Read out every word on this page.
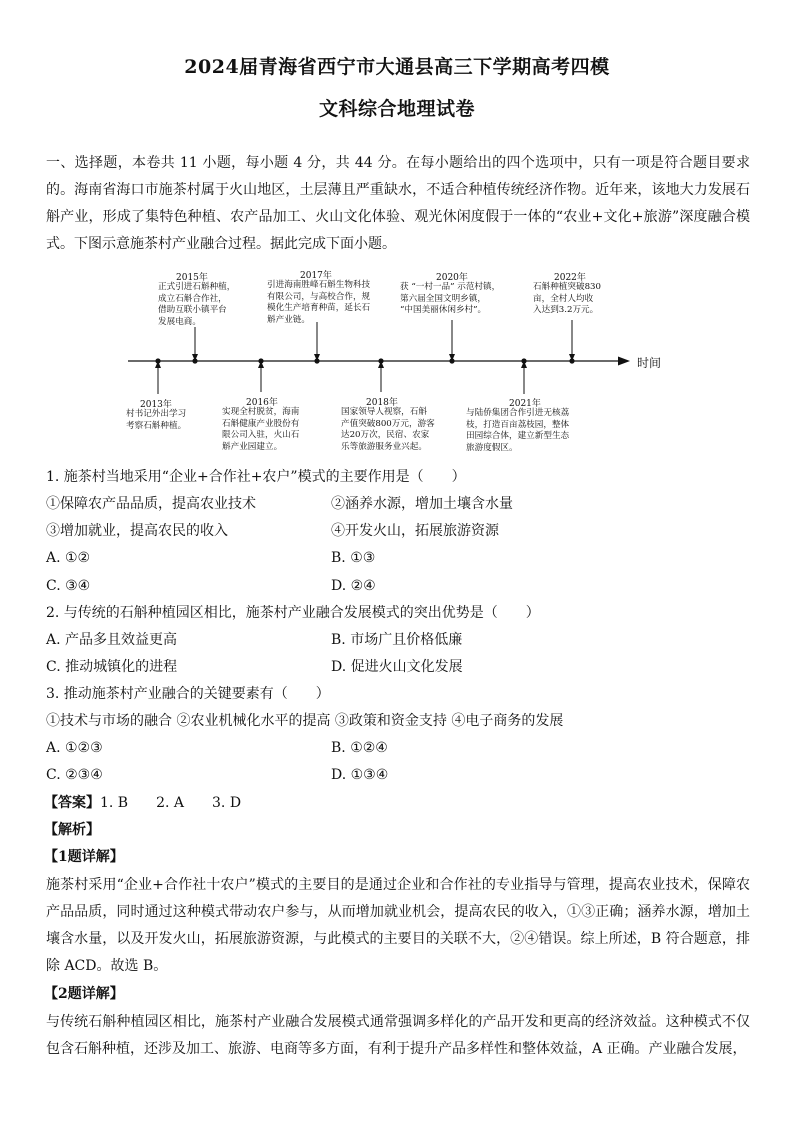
2024届青海省西宁市大通县高三下学期高考四模
文科综合地理试卷
一、选择题，本卷共 11 小题，每小题 4 分，共 44 分。在每小题给出的四个选项中，只有一项是符合题目要求的。海南省海口市施茶村属于火山地区，土层薄且严重缺水，不适合种植传统经济作物。近年来，该地大力发展石斛产业，形成了集特色种植、农产品加工、火山文化体验、观光休闲度假于一体的“农业+文化+旅游”深度融合模式。下图示意施茶村产业融合过程。据此完成下面小题。
时间
2015年
正式引进石斛种植，
成立石斛合作社，
借助互联小镇平台
发展电商。
2017年
引进海南胜峰石斛生物科技
有限公司，与高校合作，规
模化生产培育种苗，延长石
斛产业链。
2020年
获 “一村一品” 示范村镇，
第六届全国文明乡镇，
“中国美丽休闲乡村”。
2022年
石斛种植突破830
亩，全村人均收
入达到3.2万元。
2013年
村书记外出学习
考察石斛种植。
2016年
实现全村脱贫，海南
石斛健康产业股份有
限公司入驻，火山石
斛产业园建立。
2018年
国家领导人视察，石斛
产值突破800万元，游客
达20万次，民宿、农家
乐等旅游服务业兴起。
2021年
与陆侨集团合作引进无核荔
枝，打造百亩荔枝园，整体
田园综合体，建立新型生态
旅游度假区。
1. 施茶村当地采用“企业+合作社+农户”模式的主要作用是（　　）
①保障农产品品质，提高农业技术	②涵养水源，增加土壤含水量
③增加就业，提高农民的收入	④开发火山，拓展旅游资源
A. ①②	B. ①③
C. ③④	D. ②④
2. 与传统的石斛种植园区相比，施茶村产业融合发展模式的突出优势是（　　）
A. 产品多且效益更高	B. 市场广且价格低廉
C. 推动城镇化的进程	D. 促进火山文化发展
3. 推动施茶村产业融合的关键要素有（　　）
①技术与市场的融合 ②农业机械化水平的提高 ③政策和资金支持 ④电子商务的发展
A. ①②③	B. ①②④
C. ②③④	D. ①③④
【答案】1. B　　2. A　　3. D
【解析】
【1题详解】
施茶村采用“企业+合作社十农户”模式的主要目的是通过企业和合作社的专业指导与管理，提高农业技术，保障农产品品质，同时通过这种模式带动农户参与，从而增加就业机会，提高农民的收入，①③正确；涵养水源，增加土壤含水量，以及开发火山，拓展旅游资源，与此模式的主要目的关联不大，②④错误。综上所述，B 符合题意，排除 ACD。故选 B。
【2题详解】
与传统石斛种植园区相比，施茶村产业融合发展模式通常强调多样化的产品开发和更高的经济效益。这种模式不仅包含石斛种植，还涉及加工、旅游、电商等多方面，有利于提升产品多样性和整体效益，A 正确。产业融合发展，
